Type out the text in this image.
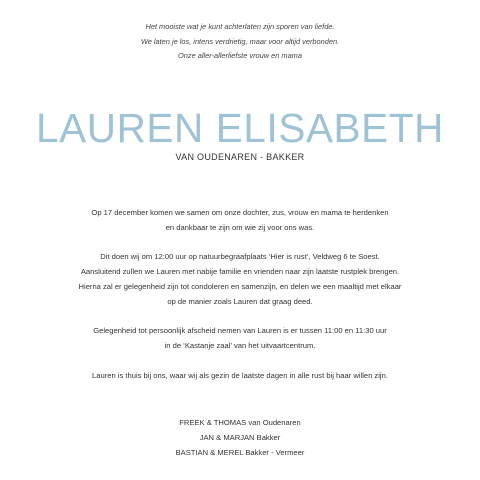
Het mooiste wat je kunt achterlaten zijn sporen van liefde.
We laten je los, intens verdrietig, maar voor altijd verbonden.
Onze aller-allerliefste vrouw en mama
LAUREN ELISABETH
VAN OUDENAREN - BAKKER
Op 17 december komen we samen om onze dochter, zus, vrouw en mama te herdenken
en dankbaar te zijn om wie zij voor ons was.
Dit doen wij om 12:00 uur op natuurbegraafplaats ‘Hier is rust’, Veldweg 6 te Soest.
Aansluitend zullen we Lauren met nabije familie en vrienden naar zijn laatste rustplek brengen.
Hierna zal er gelegenheid zijn tot condoleren en samenzijn, en delen we een maaltijd met elkaar
op de manier zoals Lauren dat graag deed.
Gelegenheid tot persoonlijk afscheid nemen van Lauren is er tussen 11:00 en 11:30 uur
in de ‘Kastanje zaal’ van het uitvaartcentrum.
Lauren is thuis bij ons, waar wij als gezin de laatste dagen in alle rust bij haar willen zijn.
FREEK & THOMAS van Oudenaren
JAN & MARJAN Bakker
BASTIAN & MEREL Bakker - Vermeer
